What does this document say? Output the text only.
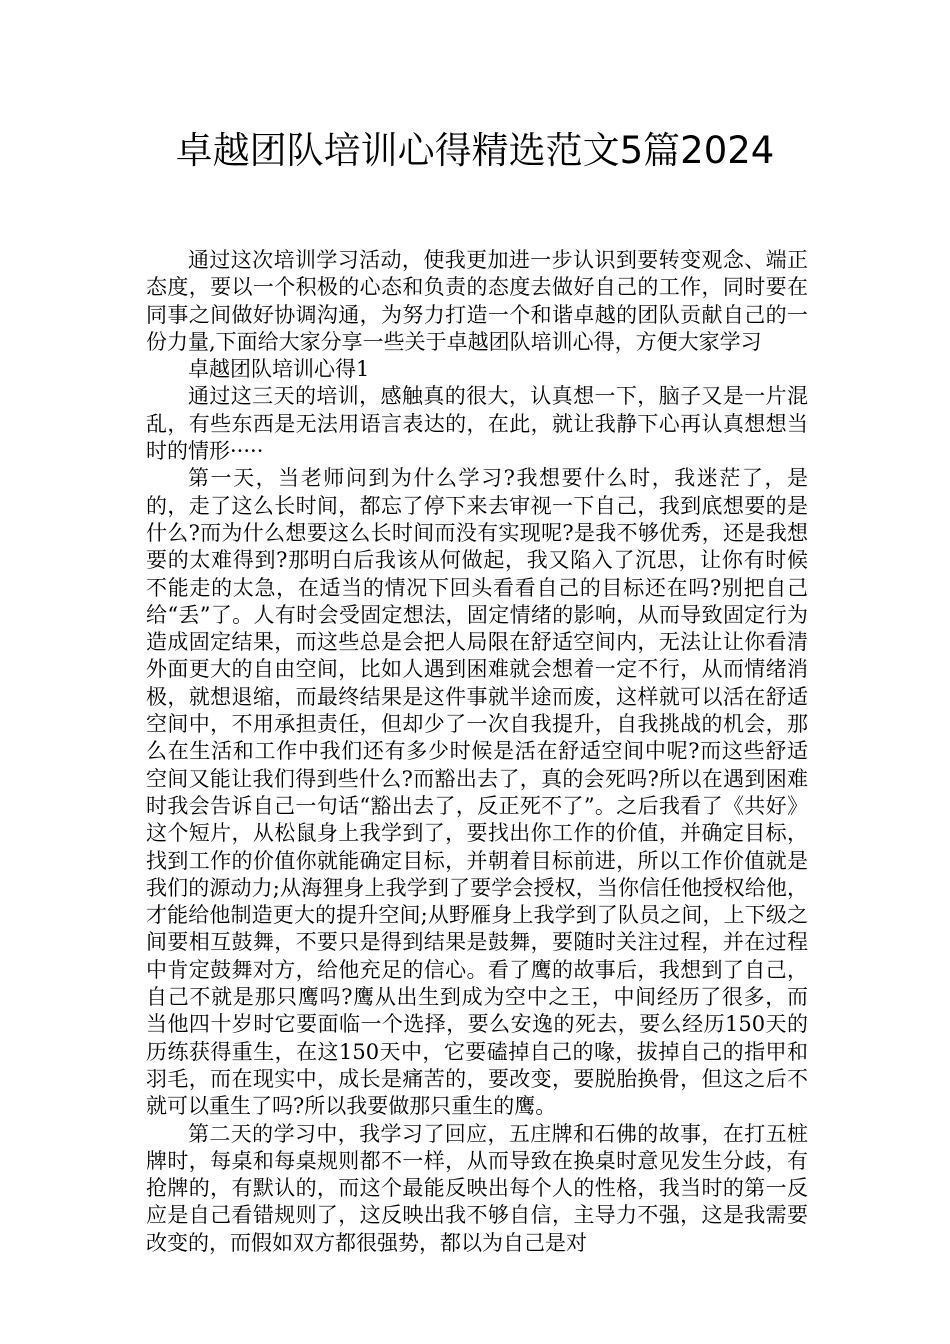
卓越团队培训心得精选范文5篇2024

通过这次培训学习活动，使我更加进一步认识到要转变观念、端正态度，要以一个积极的心态和负责的态度去做好自己的工作，同时要在同事之间做好协调沟通，为努力打造一个和谐卓越的团队贡献自己的一份力量,下面给大家分享一些关于卓越团队培训心得，方便大家学习

卓越团队培训心得1

通过这三天的培训，感触真的很大，认真想一下，脑子又是一片混乱，有些东西是无法用语言表达的，在此，就让我静下心再认真想想当时的情形·····

第一天，当老师问到为什么学习?我想要什么时，我迷茫了，是的，走了这么长时间，都忘了停下来去审视一下自己，我到底想要的是什么?而为什么想要这么长时间而没有实现呢?是我不够优秀，还是我想要的太难得到?那明白后我该从何做起，我又陷入了沉思，让你有时候不能走的太急，在适当的情况下回头看看自己的目标还在吗?别把自己给“丢”了。人有时会受固定想法，固定情绪的影响，从而导致固定行为造成固定结果，而这些总是会把人局限在舒适空间内，无法让让你看清外面更大的自由空间，比如人遇到困难就会想着一定不行，从而情绪消极，就想退缩，而最终结果是这件事就半途而废，这样就可以活在舒适空间中，不用承担责任，但却少了一次自我提升，自我挑战的机会，那么在生活和工作中我们还有多少时候是活在舒适空间中呢?而这些舒适空间又能让我们得到些什么?而豁出去了，真的会死吗?所以在遇到困难时我会告诉自己一句话“豁出去了，反正死不了”。之后我看了《共好》这个短片，从松鼠身上我学到了，要找出你工作的价值，并确定目标，找到工作的价值你就能确定目标，并朝着目标前进，所以工作价值就是我们的源动力;从海狸身上我学到了要学会授权，当你信任他授权给他，才能给他制造更大的提升空间;从野雁身上我学到了队员之间，上下级之间要相互鼓舞，不要只是得到结果是鼓舞，要随时关注过程，并在过程中肯定鼓舞对方，给他充足的信心。看了鹰的故事后，我想到了自己，自己不就是那只鹰吗?鹰从出生到成为空中之王，中间经历了很多，而当他四十岁时它要面临一个选择，要么安逸的死去，要么经历150天的历练获得重生，在这150天中，它要磕掉自己的喙，拔掉自己的指甲和羽毛，而在现实中，成长是痛苦的，要改变，要脱胎换骨，但这之后不就可以重生了吗?所以我要做那只重生的鹰。

第二天的学习中，我学习了回应，五庄牌和石佛的故事，在打五桩牌时，每桌和每桌规则都不一样，从而导致在换桌时意见发生分歧，有抢牌的，有默认的，而这个最能反映出每个人的性格，我当时的第一反应是自己看错规则了，这反映出我不够自信，主导力不强，这是我需要改变的，而假如双方都很强势，都以为自己是对
